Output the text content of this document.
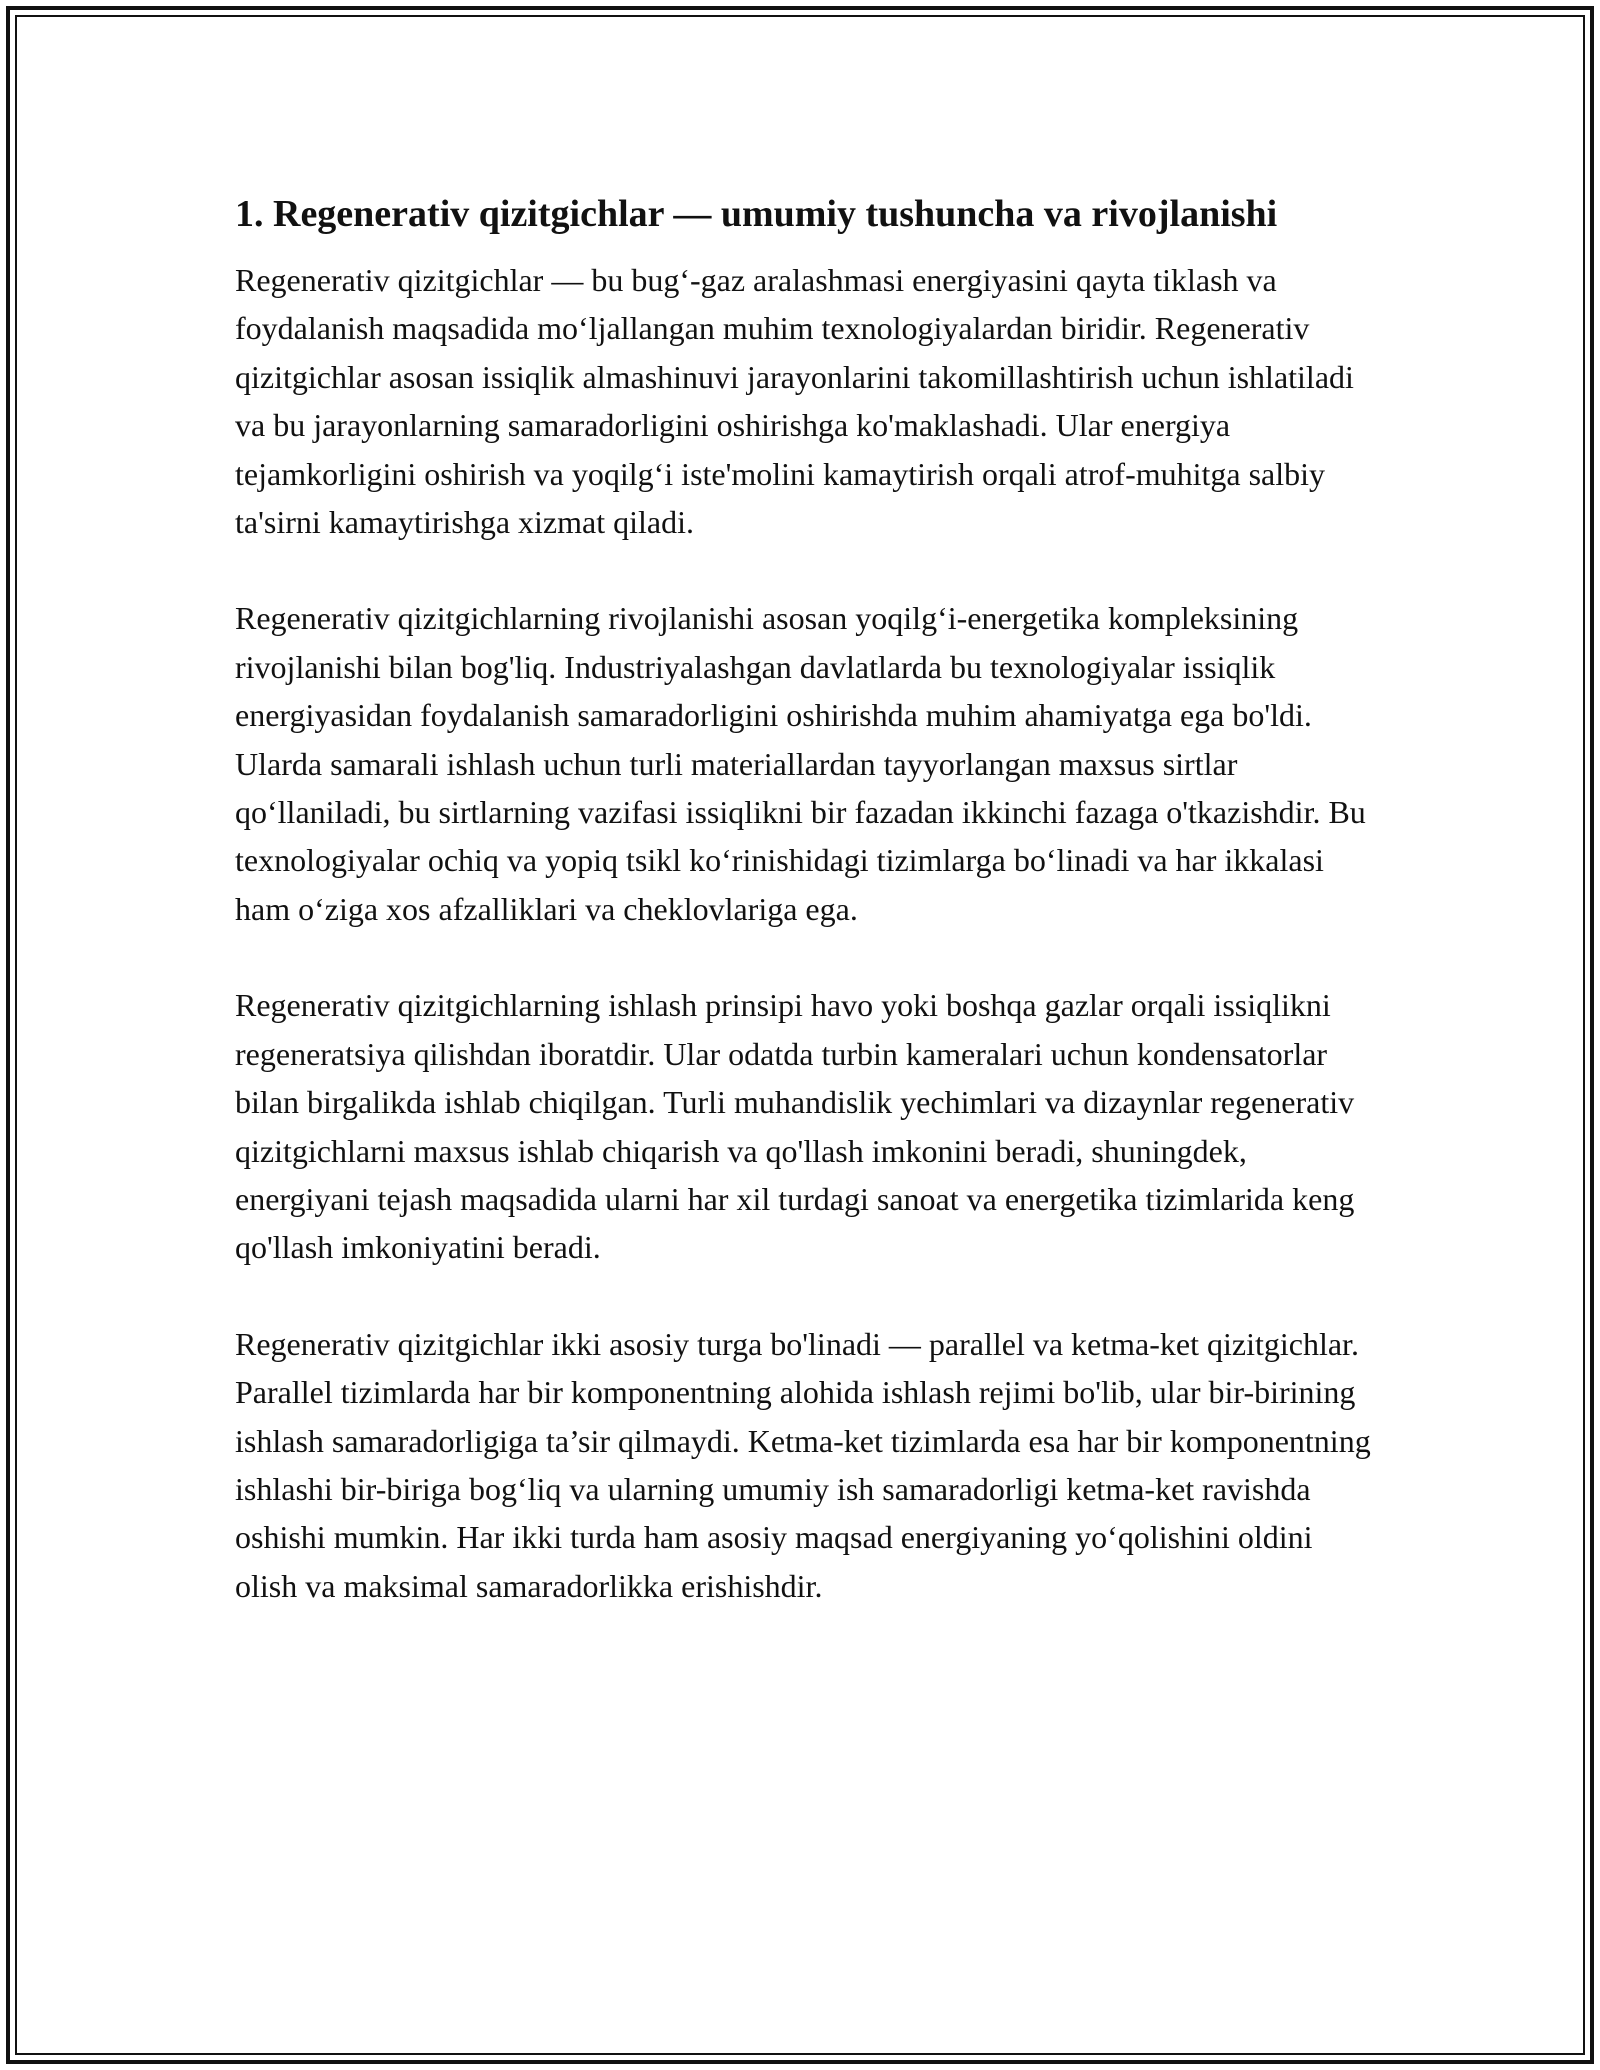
1. Regenerativ qizitgichlar — umumiy tushuncha va rivojlanishi

Regenerativ qizitgichlar — bu bug‘-gaz aralashmasi energiyasini qayta tiklash va foydalanish maqsadida mo‘ljallangan muhim texnologiyalardan biridir. Regenerativ qizitgichlar asosan issiqlik almashinuvi jarayonlarini takomillashtirish uchun ishlatiladi va bu jarayonlarning samaradorligini oshirishga ko'maklashadi. Ular energiya tejamkorligini oshirish va yoqilg‘i iste'molini kamaytirish orqali atrof-muhitga salbiy ta'sirni kamaytirishga xizmat qiladi.

Regenerativ qizitgichlarning rivojlanishi asosan yoqilg‘i-energetika kompleksining rivojlanishi bilan bog'liq. Industriyalashgan davlatlarda bu texnologiyalar issiqlik energiyasidan foydalanish samaradorligini oshirishda muhim ahamiyatga ega bo'ldi. Ularda samarali ishlash uchun turli materiallardan tayyorlangan maxsus sirtlar qo‘llaniladi, bu sirtlarning vazifasi issiqlikni bir fazadan ikkinchi fazaga o'tkazishdir. Bu texnologiyalar ochiq va yopiq tsikl ko‘rinishidagi tizimlarga bo‘linadi va har ikkalasi ham o‘ziga xos afzalliklari va cheklovlariga ega.

Regenerativ qizitgichlarning ishlash prinsipi havo yoki boshqa gazlar orqali issiqlikni regeneratsiya qilishdan iboratdir. Ular odatda turbin kameralari uchun kondensatorlar bilan birgalikda ishlab chiqilgan. Turli muhandislik yechimlari va dizaynlar regenerativ qizitgichlarni maxsus ishlab chiqarish va qo'llash imkonini beradi, shuningdek, energiyani tejash maqsadida ularni har xil turdagi sanoat va energetika tizimlarida keng qo'llash imkoniyatini beradi.

Regenerativ qizitgichlar ikki asosiy turga bo'linadi — parallel va ketma-ket qizitgichlar. Parallel tizimlarda har bir komponentning alohida ishlash rejimi bo'lib, ular bir-birining ishlash samaradorligiga ta’sir qilmaydi. Ketma-ket tizimlarda esa har bir komponentning ishlashi bir-biriga bog‘liq va ularning umumiy ish samaradorligi ketma-ket ravishda oshishi mumkin. Har ikki turda ham asosiy maqsad energiyaning yo‘qolishini oldini olish va maksimal samaradorlikka erishishdir.
